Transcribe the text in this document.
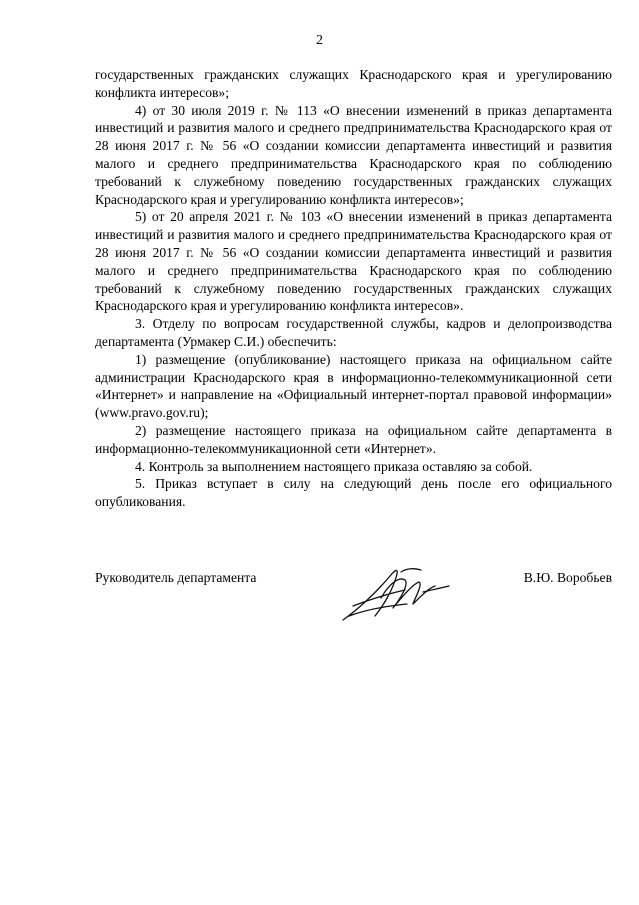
2

государственных гражданских служащих Краснодарского края и урегулированию конфликта интересов»;

4) от 30 июля 2019 г. № 113 «О внесении изменений в приказ департамента инвестиций и развития малого и среднего предпринимательства Краснодарского края от 28 июня 2017 г. № 56 «О создании комиссии департамента инвестиций и развития малого и среднего предпринимательства Краснодарского края по соблюдению требований к служебному поведению государственных гражданских служащих Краснодарского края и урегулированию конфликта интересов»;

5) от 20 апреля 2021 г. № 103 «О внесении изменений в приказ департамента инвестиций и развития малого и среднего предпринимательства Краснодарского края от 28 июня 2017 г. № 56 «О создании комиссии департамента инвестиций и развития малого и среднего предпринимательства Краснодарского края по соблюдению требований к служебному поведению государственных гражданских служащих Краснодарского края и урегулированию конфликта интересов».

3. Отделу по вопросам государственной службы, кадров и делопроизводства департамента (Урмакер С.И.) обеспечить:

1) размещение (опубликование) настоящего приказа на официальном сайте администрации Краснодарского края в информационно-телекоммуникационной сети «Интернет» и направление на «Официальный интернет-портал правовой информации» (www.pravo.gov.ru);

2) размещение настоящего приказа на официальном сайте департамента в информационно-телекоммуникационной сети «Интернет».

4. Контроль за выполнением настоящего приказа оставляю за собой.

5. Приказ вступает в силу на следующий день после его официального опубликования.

Руководитель департамента	В.Ю. Воробьев
